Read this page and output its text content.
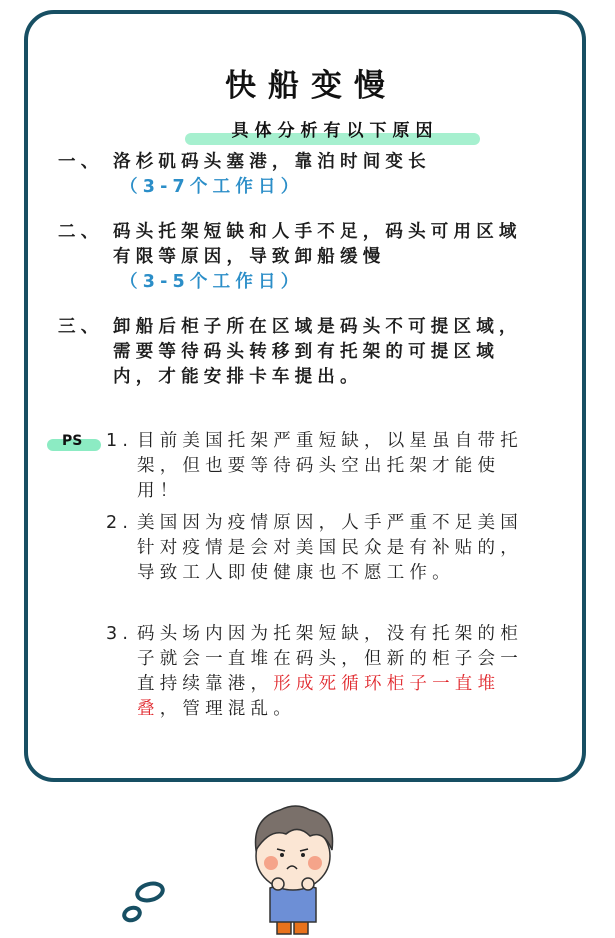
快船变慢
具体分析有以下原因
一、 洛杉矶码头塞港，靠泊时间变长
（3-7个工作日）
二、 码头托架短缺和人手不足，码头可用区域有限等原因，导致卸船缓慢
（3-5个工作日）
三、 卸船后柜子所在区域是码头不可提区域，需要等待码头转移到有托架的可提区域内，才能安排卡车提出。
PS 1. 目前美国托架严重短缺，以星虽自带托架，但也要等待码头空出托架才能使用！
2. 美国因为疫情原因，人手严重不足美国针对疫情是会对美国民众是有补贴的，导致工人即使健康也不愿工作。
3. 码头场内因为托架短缺，没有托架的柜子就会一直堆在码头，但新的柜子会一直持续靠港，形成死循环柜子一直堆叠，管理混乱。
